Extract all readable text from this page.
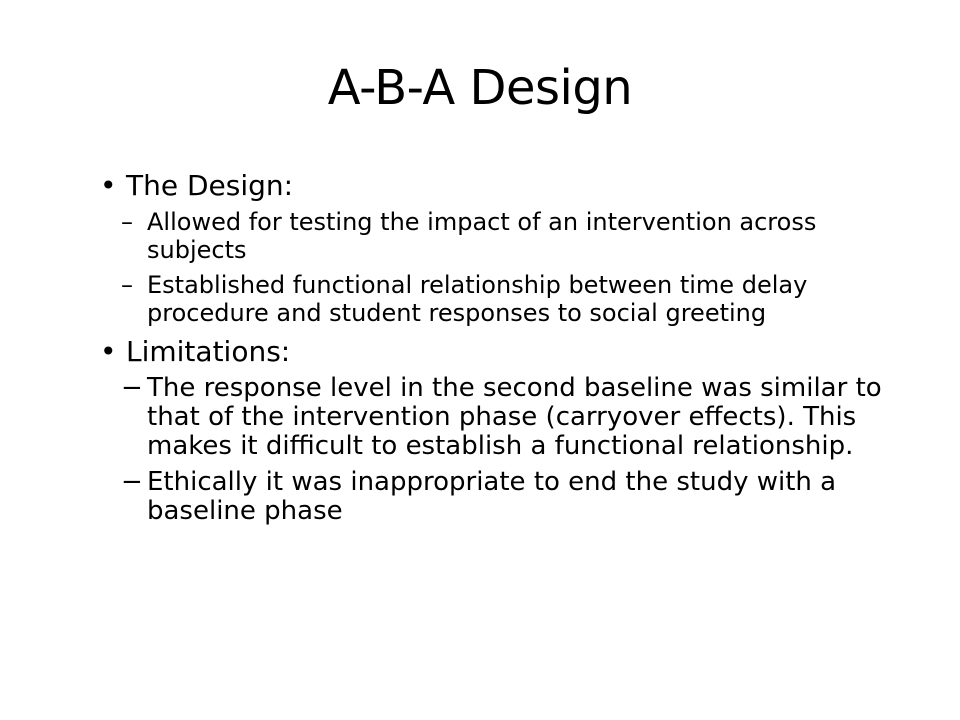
A-B-A Design
• The Design:
– Allowed for testing the impact of an intervention across subjects
– Established functional relationship between time delay procedure and student responses to social greeting
• Limitations:
− The response level in the second baseline was similar to that of the intervention phase (carryover effects). This makes it difficult to establish a functional relationship.
− Ethically it was inappropriate to end the study with a baseline phase
